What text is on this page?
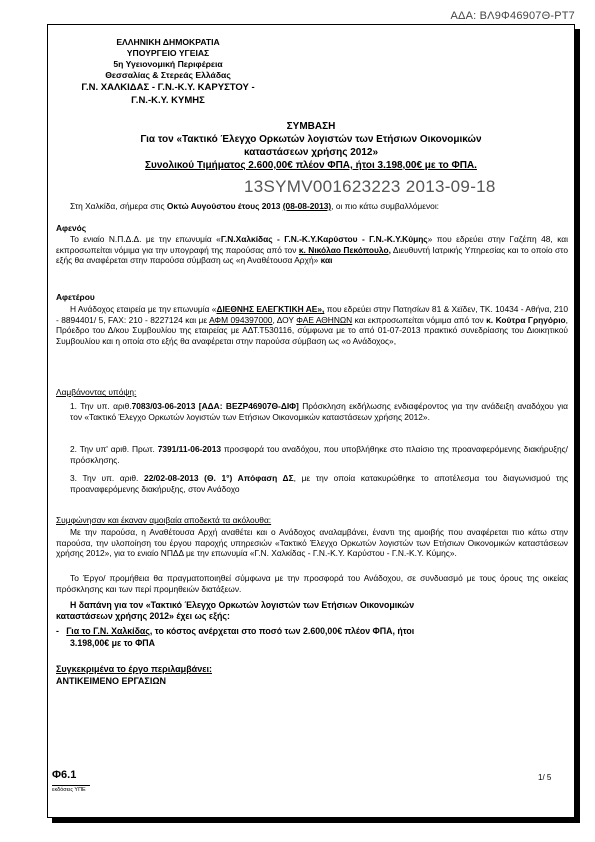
ΑΔΑ: ΒΛ9Φ46907Θ-ΡΤ7
ΕΛΛΗΝΙΚΗ ΔΗΜΟΚΡΑΤΙΑ
ΥΠΟΥΡΓΕΙΟ ΥΓΕΙΑΣ
5η Υγειονομική Περιφέρεια
Θεσσαλίας & Στερεάς Ελλάδας
Γ.Ν. ΧΑΛΚΙΔΑΣ - Γ.Ν.-Κ.Υ. ΚΑΡΥΣΤΟΥ -
Γ.Ν.-Κ.Υ. ΚΥΜΗΣ
ΣΥΜΒΑΣΗ
Για τον «Τακτικό Έλεγχο Ορκωτών λογιστών των Ετήσιων Οικονομικών
καταστάσεων χρήσης 2012»
Συνολικού Τιμήματος 2.600,00€ πλέον ΦΠΑ, ήτοι 3.198,00€ με το ΦΠΑ.
13SYMV001623223 2013-09-18
Στη Χαλκίδα, σήμερα στις Οκτώ Αυγούστου έτους 2013 (08-08-2013), οι πιο κάτω συμβαλλόμενοι:
Αφενός
Το ενιαίο Ν.Π.Δ.Δ. με την επωνυμία «Γ.Ν.Χαλκίδας - Γ.Ν.-Κ.Υ.Καρύστου - Γ.Ν.-Κ.Υ.Κύμης» που εδρεύει στην Γαζέπη 48, και εκπροσωπείται νόμιμα για την υπογραφή της παρούσας από τον κ. Νικόλαο Πεκόπουλο, Διευθυντή Ιατρικής Υπηρεσίας και το οποίο στο εξής θα αναφέρεται στην παρούσα σύμβαση ως «η Αναθέτουσα Αρχή» και
Αφετέρου
Η Ανάδοχος εταιρεία με την επωνυμία «ΔΙΕΘΝΗΣ ΕΛΕΓΚΤΙΚΗ ΑΕ», που εδρεύει στην Πατησίων 81 & Χεϊδεν, ΤΚ. 10434 - Αθήνα, 210 - 8894401/ 5, FAX: 210 - 8227124 και με ΑΦΜ 094397000, ΔΟΥ ΦΑΕ ΑΘΗΝΩΝ και εκπροσωπείται νόμιμα από τον κ. Κούτρα Γρηγόριο, Πρόεδρο του Δ/κου Συμβουλίου της εταιρείας με ΑΔΤ.Τ530116, σύμφωνα με το από 01-07-2013 πρακτικό συνεδρίασης του Διοικητικού Συμβουλίου και η οποία στο εξής θα αναφέρεται στην παρούσα σύμβαση ως «ο Ανάδοχος»,
Λαμβάνοντας υπόψη:
1. Την υπ. αριθ.7083/03-06-2013 [ΑΔΑ: ΒΕΖΡ46907Θ-ΔΙΦ] Πρόσκληση εκδήλωσης ενδιαφέροντος για την ανάδειξη αναδόχου για τον «Τακτικό Έλεγχο Ορκωτών λογιστών των Ετήσιων Οικονομικών καταστάσεων χρήσης 2012».
2. Την υπ' αριθ. Πρωτ. 7391/11-06-2013 προσφορά του αναδόχου, που υποβλήθηκε στο πλαίσιο της προαναφερόμενης διακήρυξης/ πρόσκλησης.
3. Την υπ. αριθ. 22/02-08-2013 (Θ. 1°) Απόφαση ΔΣ, με την οποία κατακυρώθηκε το αποτέλεσμα του διαγωνισμού της προαναφερόμενης διακήρυξης, στον Ανάδοχο
Συμφώνησαν και έκαναν αμοιβαία αποδεκτά τα ακόλουθα:
Με την παρούσα, η Αναθέτουσα Αρχή αναθέτει και ο Ανάδοχος αναλαμβάνει, έναντι της αμοιβής που αναφέρεται πιο κάτω στην παρούσα, την υλοποίηση του έργου παροχής υπηρεσιών «Τακτικό Έλεγχο Ορκωτών λογιστών των Ετήσιων Οικονομικών καταστάσεων χρήσης 2012», για το ενιαίο ΝΠΔΔ με την επωνυμία «Γ.Ν. Χαλκίδας - Γ.Ν.-Κ.Υ. Καρύστου - Γ.Ν.-Κ.Υ. Κύμης».
Το Έργο/ προμήθεια θα πραγματοποιηθεί σύμφωνα με την προσφορά του Ανάδοχου, σε συνδυασμό με τους όρους της οικείας πρόσκλησης και των περί προμηθειών διατάξεων.
Η δαπάνη για τον «Τακτικό Έλεγχο Ορκωτών λογιστών των Ετήσιων Οικονομικών
καταστάσεων χρήσης 2012» έχει ως εξής:
- Για το Γ.Ν. Χαλκίδας, το κόστος ανέρχεται στο ποσό των 2.600,00€ πλέον ΦΠΑ, ήτοι
3.198,00€ με το ΦΠΑ
Συγκεκριμένα το έργο περιλαμβάνει:
ΑΝΤΙΚΕΙΜΕΝΟ ΕΡΓΑΣΙΩΝ
Φ6.1
εκδόσεις ΥΠΕ
1/ 5
